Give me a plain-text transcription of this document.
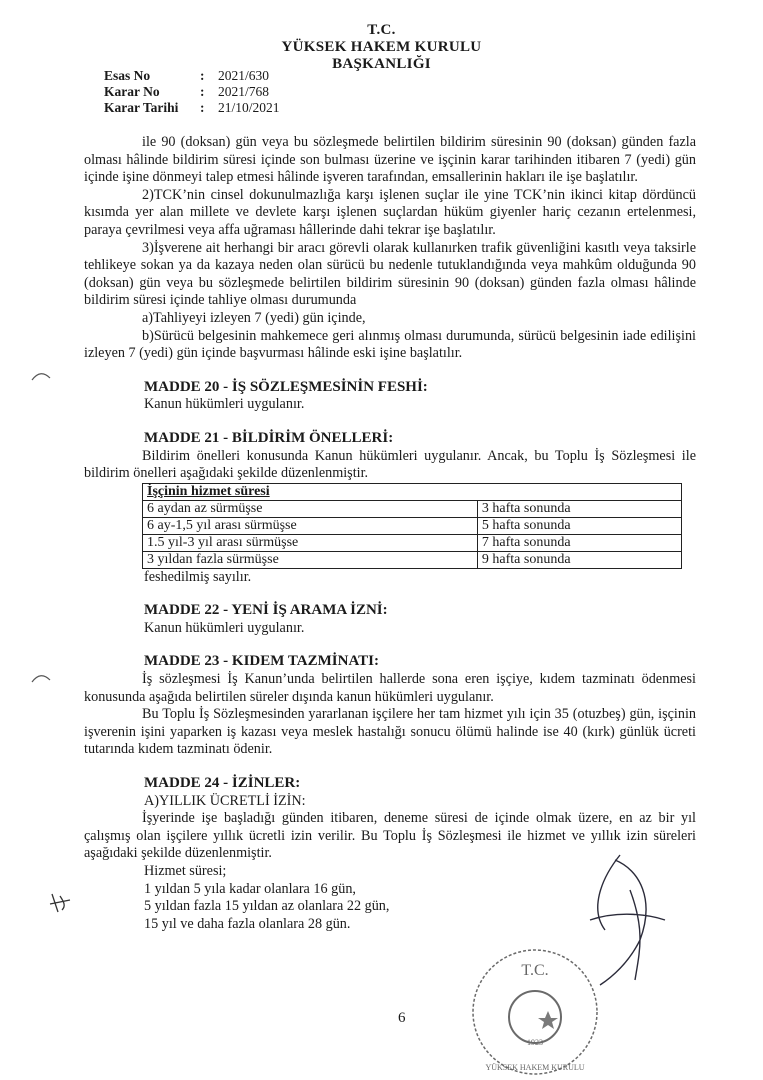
T.C.
YÜKSEK HAKEM KURULU
BAŞKANLIĞI
Esas No	:	2021/630
Karar No	:	2021/768
Karar Tarihi	:	21/10/2021

ile 90 (doksan) gün veya bu sözleşmede belirtilen bildirim süresinin 90 (doksan) günden fazla olması hâlinde bildirim süresi içinde son bulması üzerine ve işçinin karar tarihinden itibaren 7 (yedi) gün içinde işine dönmeyi talep etmesi hâlinde işveren tarafından, emsallerinin hakları ile işe başlatılır.

2)TCK’nin cinsel dokunulmazlığa karşı işlenen suçlar ile yine TCK’nin ikinci kitap dördüncü kısımda yer alan millete ve devlete karşı işlenen suçlardan hüküm giyenler hariç cezanın ertelenmesi, paraya çevrilmesi veya affa uğraması hâllerinde dahi tekrar işe başlatılır.

3)İşverene ait herhangi bir aracı görevli olarak kullanırken trafik güvenliğini kasıtlı veya taksirle tehlikeye sokan ya da kazaya neden olan sürücü bu nedenle tutuklandığında veya mahkûm olduğunda 90 (doksan) gün veya bu sözleşmede belirtilen bildirim süresinin 90 (doksan) günden fazla olması hâlinde bildirim süresi içinde tahliye olması durumunda

a)Tahliyeyi izleyen 7 (yedi) gün içinde,

b)Sürücü belgesinin mahkemece geri alınmış olması durumunda, sürücü belgesinin iade edilişini izleyen 7 (yedi) gün içinde başvurması hâlinde eski işine başlatılır.

MADDE 20 - İŞ SÖZLEŞMESİNİN FESHİ:

Kanun hükümleri uygulanır.

MADDE 21 - BİLDİRİM ÖNELLERİ:

Bildirim önelleri konusunda Kanun hükümleri uygulanır. Ancak, bu Toplu İş Sözleşmesi ile bildirim önelleri aşağıdaki şekilde düzenlenmiştir.

İşçinin hizmet süresi	
6 aydan az sürmüşse	3 hafta sonunda
6 ay-1,5 yıl arası sürmüşse	5 hafta sonunda
1.5 yıl-3 yıl arası sürmüşse	7 hafta sonunda
3 yıldan fazla sürmüşse	9 hafta sonunda

feshedilmiş sayılır.

MADDE 22 - YENİ İŞ ARAMA İZNİ:

Kanun hükümleri uygulanır.

MADDE 23 - KIDEM TAZMİNATI:

İş sözleşmesi İş Kanun’unda belirtilen hallerde sona eren işçiye, kıdem tazminatı ödenmesi konusunda aşağıda belirtilen süreler dışında kanun hükümleri uygulanır.

Bu Toplu İş Sözleşmesinden yararlanan işçilere her tam hizmet yılı için 35 (otuzbeş) gün, işçinin işverenin işini yaparken iş kazası veya meslek hastalığı sonucu ölümü halinde ise 40 (kırk) günlük ücreti tutarında kıdem tazminatı ödenir.

MADDE 24 - İZİNLER:

A)YILLIK ÜCRETLİ İZİN:

İşyerinde işe başladığı günden itibaren, deneme süresi de içinde olmak üzere, en az bir yıl çalışmış olan işçilere yıllık ücretli izin verilir. Bu Toplu İş Sözleşmesi ile hizmet ve yıllık izin süreleri aşağıdaki şekilde düzenlenmiştir.

Hizmet süresi;

1 yıldan 5 yıla kadar olanlara 16 gün,

5 yıldan fazla 15 yıldan az olanlara 22 gün,

15 yıl ve daha fazla olanlara 28 gün.

6
T.C.
YÜKSEK HAKEM KURULU
1923
